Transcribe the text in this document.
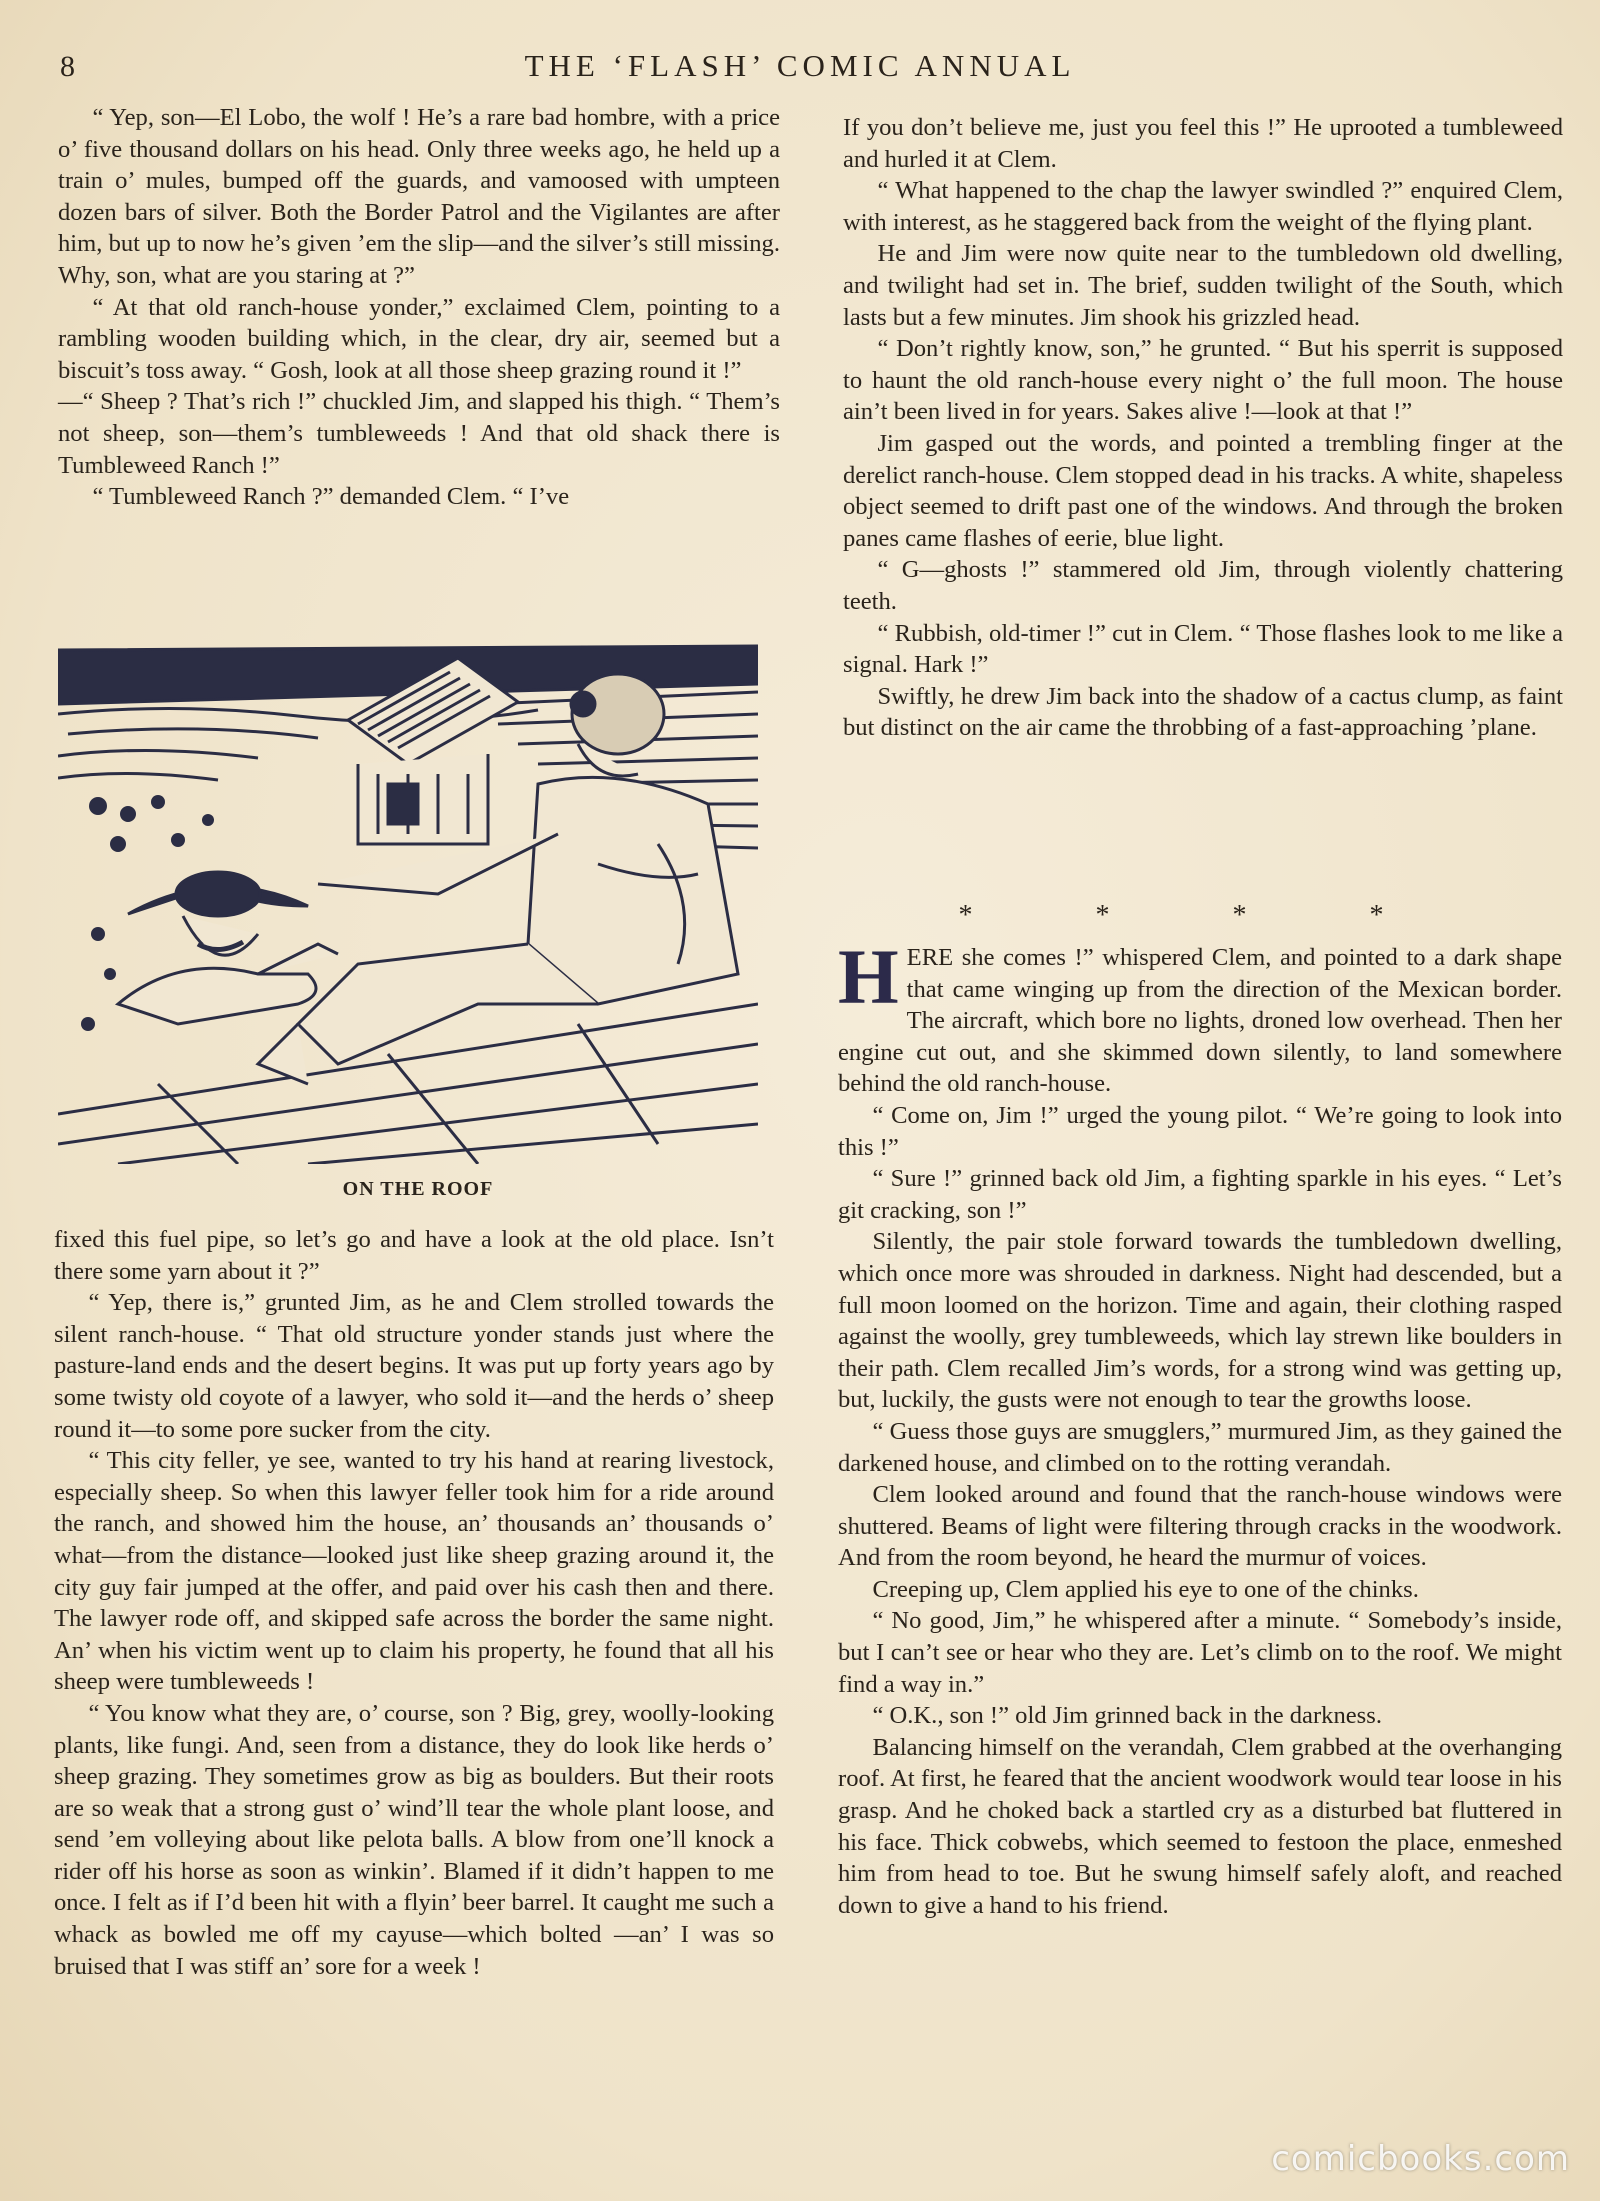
8	THE ‘FLASH’ COMIC ANNUAL

“ Yep, son—El Lobo, the wolf ! He’s a rare bad hombre, with a price o’ five thousand dollars on his head. Only three weeks ago, he held up a train o’ mules, bumped off the guards, and vamoosed with umpteen dozen bars of silver. Both the Border Patrol and the Vigilantes are after him, but up to now he’s given ’em the slip—and the silver’s still missing. Why, son, what are you staring at ?”

“ At that old ranch-house yonder,” exclaimed Clem, pointing to a rambling wooden building which, in the clear, dry air, seemed but a biscuit’s toss away. “ Gosh, look at all those sheep grazing round it !”

—“ Sheep ? That’s rich !” chuckled Jim, and slapped his thigh. “ Them’s not sheep, son—them’s tumbleweeds ! And that old shack there is Tumbleweed Ranch !”

“ Tumbleweed Ranch ?” demanded Clem. “ I’ve

ON THE ROOF

fixed this fuel pipe, so let’s go and have a look at the old place. Isn’t there some yarn about it ?”

“ Yep, there is,” grunted Jim, as he and Clem strolled towards the silent ranch-house. “ That old structure yonder stands just where the pasture-land ends and the desert begins. It was put up forty years ago by some twisty old coyote of a lawyer, who sold it—and the herds o’ sheep round it—to some pore sucker from the city.

“ This city feller, ye see, wanted to try his hand at rearing livestock, especially sheep. So when this lawyer feller took him for a ride around the ranch, and showed him the house, an’ thousands an’ thousands o’ what—from the distance—looked just like sheep grazing around it, the city guy fair jumped at the offer, and paid over his cash then and there. The lawyer rode off, and skipped safe across the border the same night. An’ when his victim went up to claim his property, he found that all his sheep were tumbleweeds !

“ You know what they are, o’ course, son ? Big, grey, woolly-looking plants, like fungi. And, seen from a distance, they do look like herds o’ sheep grazing. They sometimes grow as big as boulders. But their roots are so weak that a strong gust o’ wind’ll tear the whole plant loose, and send ’em volleying about like pelota balls. A blow from one’ll knock a rider off his horse as soon as winkin’. Blamed if it didn’t happen to me once. I felt as if I’d been hit with a flyin’ beer barrel. It caught me such a whack as bowled me off my cayuse—which bolted —an’ I was so bruised that I was stiff an’ sore for a week !

If you don’t believe me, just you feel this !” He uprooted a tumbleweed and hurled it at Clem.

“ What happened to the chap the lawyer swindled ?” enquired Clem, with interest, as he staggered back from the weight of the flying plant.

He and Jim were now quite near to the tumbledown old dwelling, and twilight had set in. The brief, sudden twilight of the South, which lasts but a few minutes. Jim shook his grizzled head.

“ Don’t rightly know, son,” he grunted. “ But his sperrit is supposed to haunt the old ranch-house every night o’ the full moon. The house ain’t been lived in for years. Sakes alive !—look at that !”

Jim gasped out the words, and pointed a trembling finger at the derelict ranch-house. Clem stopped dead in his tracks. A white, shapeless object seemed to drift past one of the windows. And through the broken panes came flashes of eerie, blue light.

“ G—ghosts !” stammered old Jim, through violently chattering teeth.

“ Rubbish, old-timer !” cut in Clem. “ Those flashes look to me like a signal. Hark !”

Swiftly, he drew Jim back into the shadow of a cactus clump, as faint but distinct on the air came the throbbing of a fast-approaching ’plane.

* * * *

HERE she comes !” whispered Clem, and pointed to a dark shape that came winging up from the direction of the Mexican border. The aircraft, which bore no lights, droned low overhead. Then her engine cut out, and she skimmed down silently, to land somewhere behind the old ranch-house.

“ Come on, Jim !” urged the young pilot. “ We’re going to look into this !”

“ Sure !” grinned back old Jim, a fighting sparkle in his eyes. “ Let’s git cracking, son !”

Silently, the pair stole forward towards the tumbledown dwelling, which once more was shrouded in darkness. Night had descended, but a full moon loomed on the horizon. Time and again, their clothing rasped against the woolly, grey tumbleweeds, which lay strewn like boulders in their path. Clem recalled Jim’s words, for a strong wind was getting up, but, luckily, the gusts were not enough to tear the growths loose.

“ Guess those guys are smugglers,” murmured Jim, as they gained the darkened house, and climbed on to the rotting verandah.

Clem looked around and found that the ranch-house windows were shuttered. Beams of light were filtering through cracks in the woodwork. And from the room beyond, he heard the murmur of voices.

Creeping up, Clem applied his eye to one of the chinks.

“ No good, Jim,” he whispered after a minute. “ Somebody’s inside, but I can’t see or hear who they are. Let’s climb on to the roof. We might find a way in.”

“ O.K., son !” old Jim grinned back in the darkness.

Balancing himself on the verandah, Clem grabbed at the overhanging roof. At first, he feared that the ancient woodwork would tear loose in his grasp. And he choked back a startled cry as a disturbed bat fluttered in his face. Thick cobwebs, which seemed to festoon the place, enmeshed him from head to toe. But he swung himself safely aloft, and reached down to give a hand to his friend.

comicbooks.com
